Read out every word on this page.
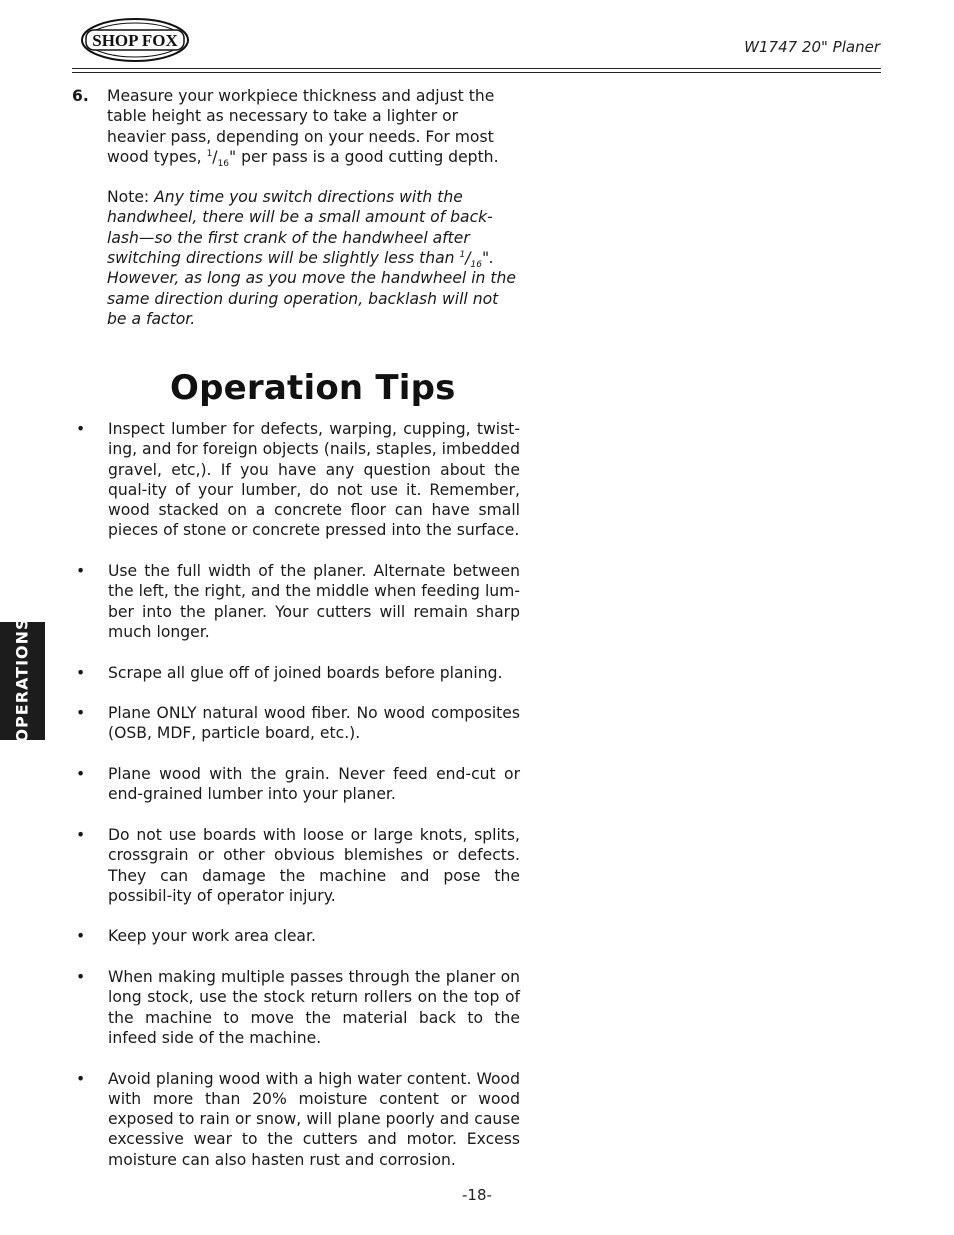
SHOP FOX	W1747 20" Planer
6.	Measure your workpiece thickness and adjust the table height as necessary to take a lighter or heavier pass, depending on your needs. For most wood types, $^1/_{16}$" per pass is a good cutting depth.
Note: Any time you switch directions with the handwheel, there will be a small amount of back-lash—so the first crank of the handwheel after switching directions will be slightly less than $^1/_{16}$". However, as long as you move the handwheel in the same direction during operation, backlash will not be a factor.
Operation Tips
•	Inspect lumber for defects, warping, cupping, twist-ing, and for foreign objects (nails, staples, imbedded gravel, etc,). If you have any question about the qual-ity of your lumber, do not use it. Remember, wood stacked on a concrete floor can have small pieces of stone or concrete pressed into the surface.
•	Use the full width of the planer. Alternate between the left, the right, and the middle when feeding lum-ber into the planer. Your cutters will remain sharp much longer.
•	Scrape all glue off of joined boards before planing.
•	Plane ONLY natural wood fiber. No wood composites (OSB, MDF, particle board, etc.).
•	Plane wood with the grain. Never feed end-cut or end-grained lumber into your planer.
•	Do not use boards with loose or large knots, splits, crossgrain or other obvious blemishes or defects. They can damage the machine and pose the possibil-ity of operator injury.
•	Keep your work area clear.
•	When making multiple passes through the planer on long stock, use the stock return rollers on the top of the machine to move the material back to the infeed side of the machine.
•	Avoid planing wood with a high water content. Wood with more than 20% moisture content or wood exposed to rain or snow, will plane poorly and cause excessive wear to the cutters and motor. Excess moisture can also hasten rust and corrosion.
OPERATIONS
-18-
